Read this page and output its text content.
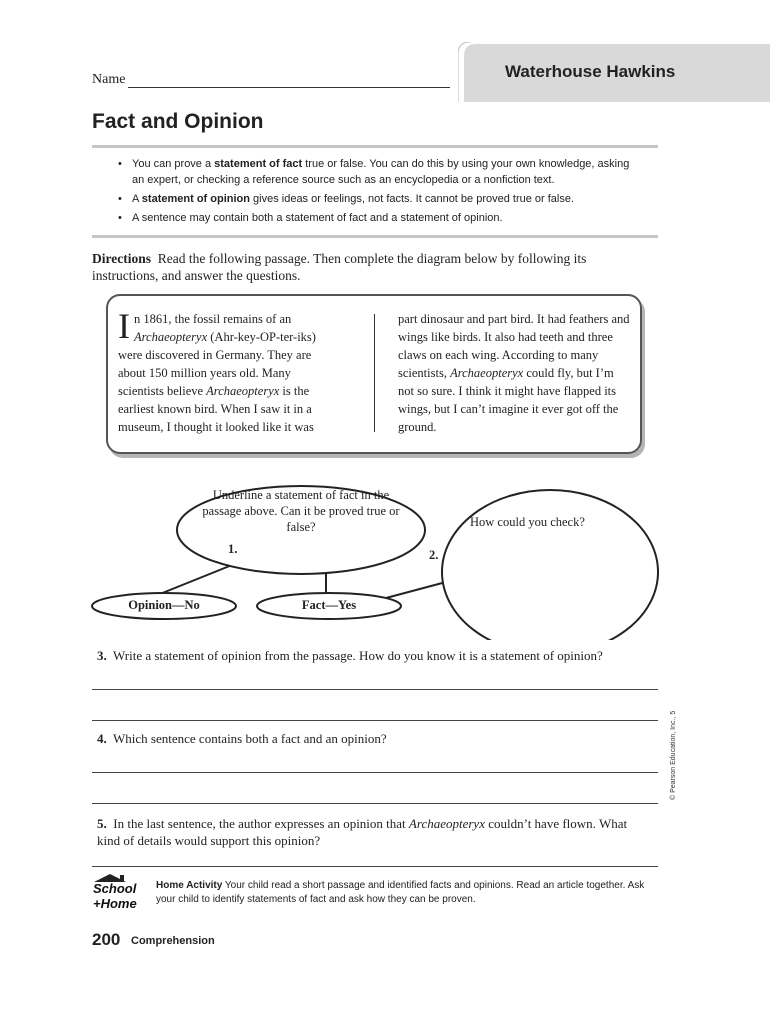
Name	Waterhouse Hawkins
Fact and Opinion
• You can prove a statement of fact true or false. You can do this by using your own knowledge, asking an expert, or checking a reference source such as an encyclopedia or a nonfiction text.
• A statement of opinion gives ideas or feelings, not facts. It cannot be proved true or false.
• A sentence may contain both a statement of fact and a statement of opinion.
Directions Read the following passage. Then complete the diagram below by following its instructions, and answer the questions.
In 1861, the fossil remains of an Archaeopteryx (Ahr-key-OP-ter-iks) were discovered in Germany. They are about 150 million years old. Many scientists believe Archaeopteryx is the earliest known bird. When I saw it in a museum, I thought it looked like it was
part dinosaur and part bird. It had feathers and wings like birds. It also had teeth and three claws on each wing. According to many scientists, Archaeopteryx could fly, but I’m not so sure. I think it might have flapped its wings, but I can’t imagine it ever got off the ground.
Underline a statement of fact in the passage above. Can it be proved true or false?
1.	2.
How could you check?
Opinion—No	Fact—Yes
3. Write a statement of opinion from the passage. How do you know it is a statement of opinion?
4. Which sentence contains both a fact and an opinion?
5. In the last sentence, the author expresses an opinion that Archaeopteryx couldn’t have flown. What kind of details would support this opinion?
© Pearson Education, Inc., 5
School
+Home
Home Activity Your child read a short passage and identified facts and opinions. Read an article together. Ask your child to identify statements of fact and ask how they can be proven.
200 Comprehension
